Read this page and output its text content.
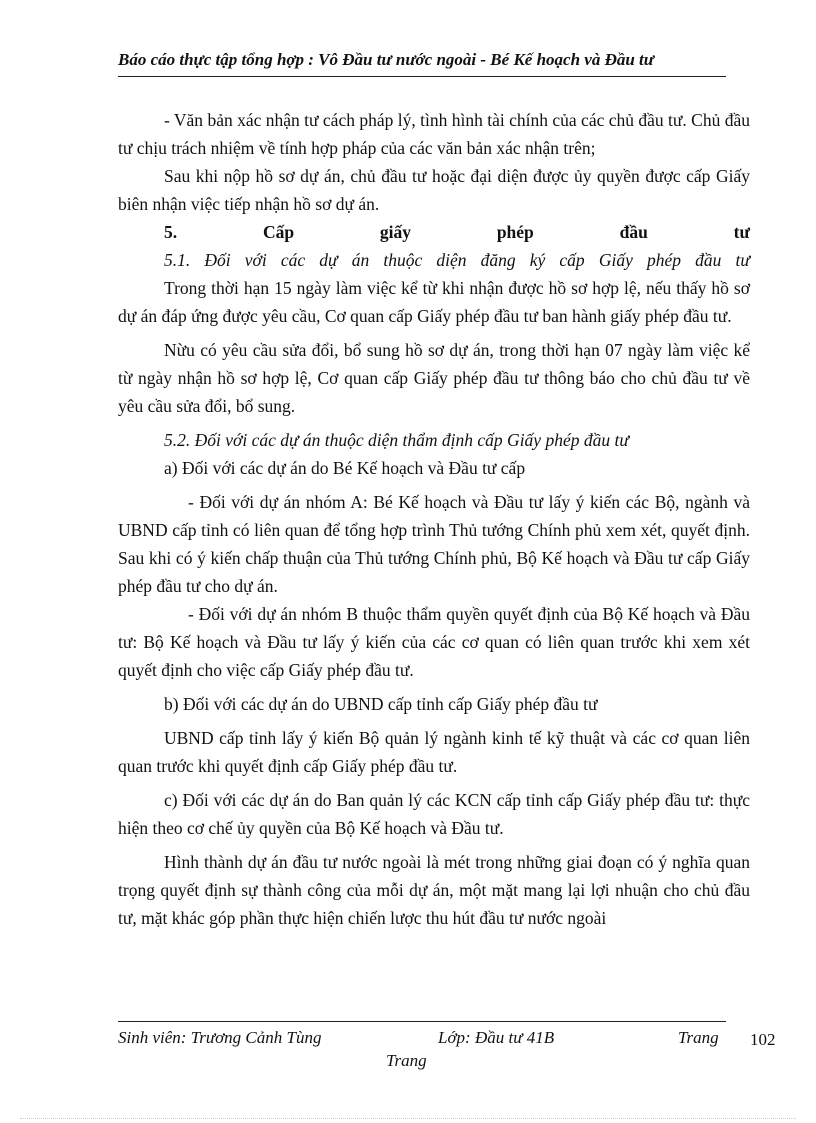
Báo cáo thực tập tổng hợp : Vô Đầu tư nước ngoài - Bé Kế hoạch và Đầu tư

- Văn bản xác nhận tư cách pháp lý, tình hình tài chính của các chủ đầu tư. Chủ đầu tư chịu trách nhiệm về tính hợp pháp của các văn bản xác nhận trên;

Sau khi nộp hồ sơ dự án, chủ đầu tư hoặc đại diện được ủy quyền được cấp Giấy biên nhận việc tiếp nhận hồ sơ dự án.

5.	Cấp	giấy	phép	đầu	tư
5.1. Đối với các dự án thuộc diện đăng ký cấp Giấy phép đầu tư

Trong thời hạn 15 ngày làm việc kể từ khi nhận được hồ sơ hợp lệ, nếu thấy hồ sơ dự án đáp ứng được yêu cầu, Cơ quan cấp Giấy phép đầu tư ban hành giấy phép đầu tư.

Nừu có yêu cầu sửa đổi, bổ sung hồ sơ dự án, trong thời hạn 07 ngày làm việc kể từ ngày nhận hồ sơ hợp lệ, Cơ quan cấp Giấy phép đầu tư thông báo cho chủ đầu tư về yêu cầu sửa đổi, bổ sung.

5.2. Đối với các dự án thuộc diện thẩm định cấp Giấy phép đầu tư

a) Đối với các dự án do Bé Kế hoạch và Đầu tư cấp

- Đối với dự án nhóm A: Bé Kế hoạch và Đầu tư lấy ý kiến các Bộ, ngành và UBND cấp tỉnh có liên quan để tổng hợp trình Thủ tướng Chính phủ xem xét, quyết định. Sau khi có ý kiến chấp thuận của Thủ tướng Chính phủ, Bộ Kế hoạch và Đầu tư cấp Giấy phép đầu tư cho dự án.

- Đối với dự án nhóm B thuộc thẩm quyền quyết định của Bộ Kế hoạch và Đầu tư: Bộ Kế hoạch và Đầu tư lấy ý kiến của các cơ quan có liên quan trước khi xem xét quyết định cho việc cấp Giấy phép đầu tư.

b) Đối với các dự án do UBND cấp tỉnh cấp Giấy phép đầu tư

UBND cấp tỉnh lấy ý kiến Bộ quản lý ngành kinh tế kỹ thuật và các cơ quan liên quan trước khi quyết định cấp Giấy phép đầu tư.

c) Đối với các dự án do Ban quản lý các KCN cấp tỉnh cấp Giấy phép đầu tư: thực hiện theo cơ chế ủy quyền của Bộ Kế hoạch và Đầu tư.

Hình thành dự án đầu tư nước ngoài là mét trong những giai đoạn có ý nghĩa quan trọng quyết định sự thành công của mỗi dự án, một mặt mang lại lợi nhuận cho chủ đầu tư, mặt khác góp phần thực hiện chiến lược thu hút đầu tư nước ngoài

Sinh viên: Trương Cảnh Tùng	Lớp: Đầu tư 41B	Trang
Trang
102
